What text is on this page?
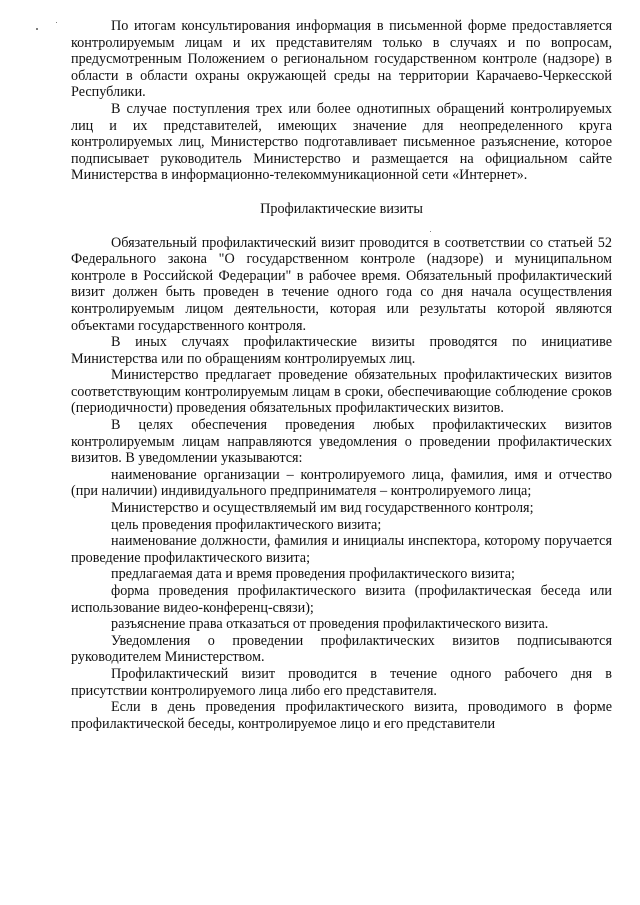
По итогам консультирования информация в письменной форме предоставляется контролируемым лицам и их представителям только в случаях и по вопросам, предусмотренным Положением о региональном государственном контроле (надзоре) в области в области охраны окружающей среды на территории Карачаево-Черкесской Республики.

В случае поступления трех или более однотипных обращений контролируемых лиц и их представителей, имеющих значение для неопределенного круга контролируемых лиц, Министерство подготавливает письменное разъяснение, которое подписывает руководитель Министерство и размещается на официальном сайте Министерства в информационно-телекоммуникационной сети «Интернет».

Профилактические визиты

Обязательный профилактический визит проводится в соответствии со статьей 52 Федерального закона "О государственном контроле (надзоре) и муниципальном контроле в Российской Федерации" в рабочее время. Обязательный профилактический визит должен быть проведен в течение одного года со дня начала осуществления контролируемым лицом деятельности, которая или результаты которой являются объектами государственного контроля.

В иных случаях профилактические визиты проводятся по инициативе Министерства или по обращениям контролируемых лиц.

Министерство предлагает проведение обязательных профилактических визитов соответствующим контролируемым лицам в сроки, обеспечивающие соблюдение сроков (периодичности) проведения обязательных профилактических визитов.

В целях обеспечения проведения любых профилактических визитов контролируемым лицам направляются уведомления о проведении профилактических визитов. В уведомлении указываются:

наименование организации – контролируемого лица, фамилия, имя и отчество (при наличии) индивидуального предпринимателя – контролируемого лица;

Министерство и осуществляемый им вид государственного контроля;

цель проведения профилактического визита;

наименование должности, фамилия и инициалы инспектора, которому поручается проведение профилактического визита;

предлагаемая дата и время проведения профилактического визита;

форма проведения профилактического визита (профилактическая беседа или использование видео-конференц-связи);

разъяснение права отказаться от проведения профилактического визита.

Уведомления о проведении профилактических визитов подписываются руководителем Министерством.

Профилактический визит проводится в течение одного рабочего дня в присутствии контролируемого лица либо его представителя.

Если в день проведения профилактического визита, проводимого в форме профилактической беседы, контролируемое лицо и его представители
